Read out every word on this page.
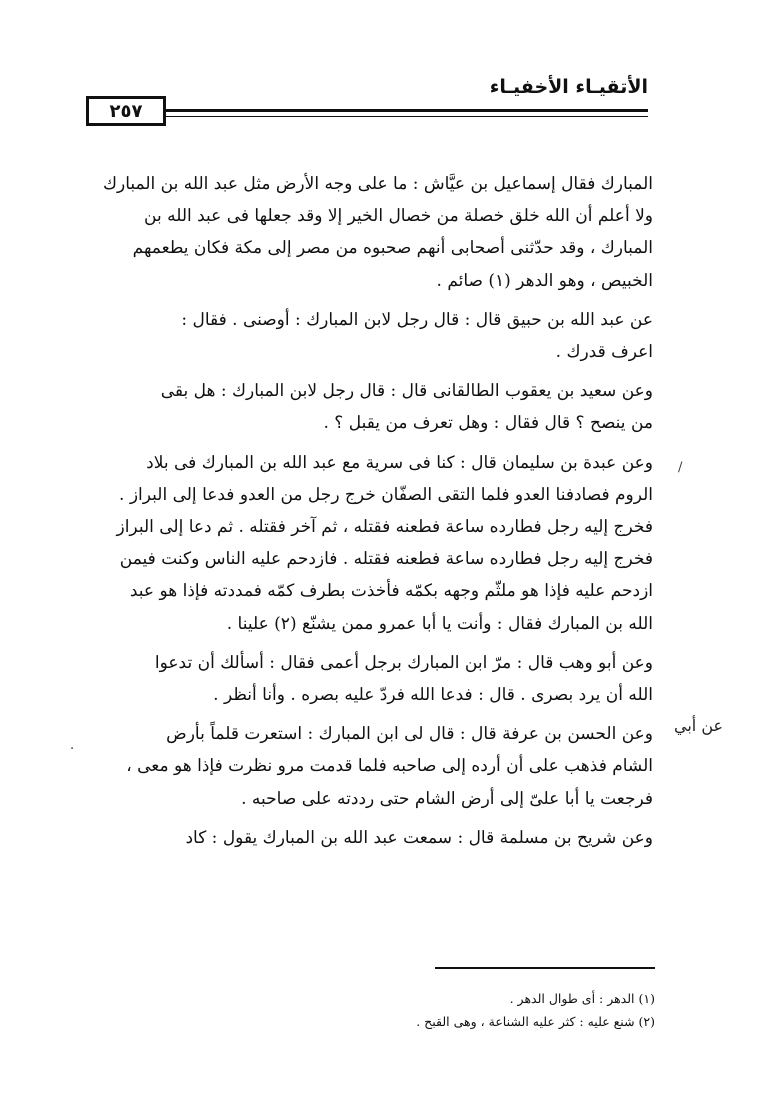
الأتقيـاء الأخفيـاء
٢٥٧

المبارك فقال إسماعيل بن عيَّاش : ما على وجه الأرض مثل عبد الله بن المبارك
ولا أعلم أن الله خلق خصلة من خصال الخير إلا وقد جعلها فى عبد الله بن
المبارك ، وقد حدّثنى أصحابى أنهم صحبوه من مصر إلى مكة فكان يطعمهم
الخبيص ، وهو الدهر (١) صائم .

عن عبد الله بن حبيق قال : قال رجل لابن المبارك : أوصنى . فقال :
اعرف قدرك .

وعن سعيد بن يعقوب الطالقانى قال : قال رجل لابن المبارك : هل بقى
من ينصح ؟ قال فقال : وهل تعرف من يقبل ؟ .

وعن عبدة بن سليمان قال : كنا فى سرية مع عبد الله بن المبارك فى بلاد
الروم فصادفنا العدو فلما التقى الصفّان خرج رجل من العدو فدعا إلى البراز .
فخرج إليه رجل فطارده ساعة فطعنه فقتله ، ثم آخر فقتله . ثم دعا إلى البراز
فخرج إليه رجل فطارده ساعة فطعنه فقتله . فازدحم عليه الناس وكنت فيمن
ازدحم عليه فإذا هو ملثّم وجهه بكمّه فأخذت بطرف كمّه فمددته فإذا هو عبد
الله بن المبارك فقال : وأنت يا أبا عمرو ممن يشنّع (٢) علينا .

وعن أبو وهب قال : مرّ ابن المبارك برجل أعمى فقال : أسألك أن تدعوا
الله أن يرد بصرى . قال : فدعا الله فردّ عليه بصره . وأنا أنظر .

وعن الحسن بن عرفة قال : قال لى ابن المبارك : استعرت قلماً بأرض
الشام فذهب على أن أرده إلى صاحبه فلما قدمت مرو نظرت فإذا هو معى ،
فرجعت يا أبا علىّ إلى أرض الشام حتى رددته على صاحبه .

وعن شريح بن مسلمة قال : سمعت عبد الله بن المبارك يقول : كاد

عن أبي
/
.
(١) الدهر : أى طوال الدهر .
(٢) شنع عليه : كثر عليه الشناعة ، وهى القبح .
